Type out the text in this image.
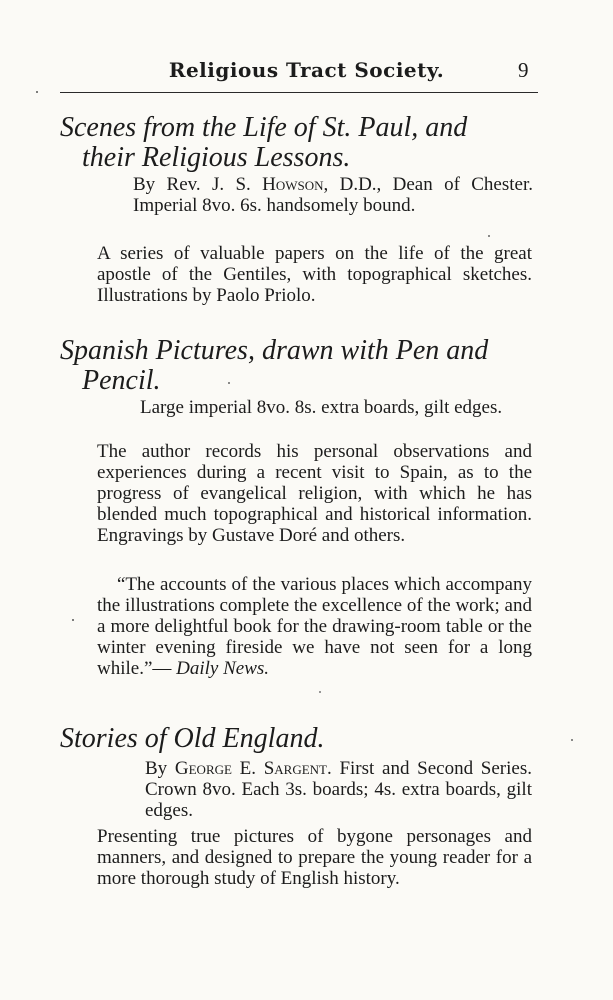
Religious Tract Society.	9
Scenes from the Life of St. Paul, and
their Religious Lessons.
By Rev. J. S. Howson, D.D., Dean of Chester. Imperial 8vo. 6s. handsomely bound.
A series of valuable papers on the life of the great apostle of the Gentiles, with topographical sketches. Illustrations by Paolo Priolo.
Spanish Pictures, drawn with Pen and
Pencil.
Large imperial 8vo. 8s. extra boards, gilt edges.
The author records his personal observations and experiences during a recent visit to Spain, as to the progress of evangelical religion, with which he has blended much topographical and historical information. Engravings by Gustave Doré and others.
“The accounts of the various places which accompany the illustrations complete the excellence of the work; and a more delightful book for the drawing-room table or the winter evening fireside we have not seen for a long while.”— Daily News.
Stories of Old England.
By George E. Sargent. First and Second Series. Crown 8vo. Each 3s. boards; 4s. extra boards, gilt edges.
Presenting true pictures of bygone personages and manners, and designed to prepare the young reader for a more thorough study of English history.
